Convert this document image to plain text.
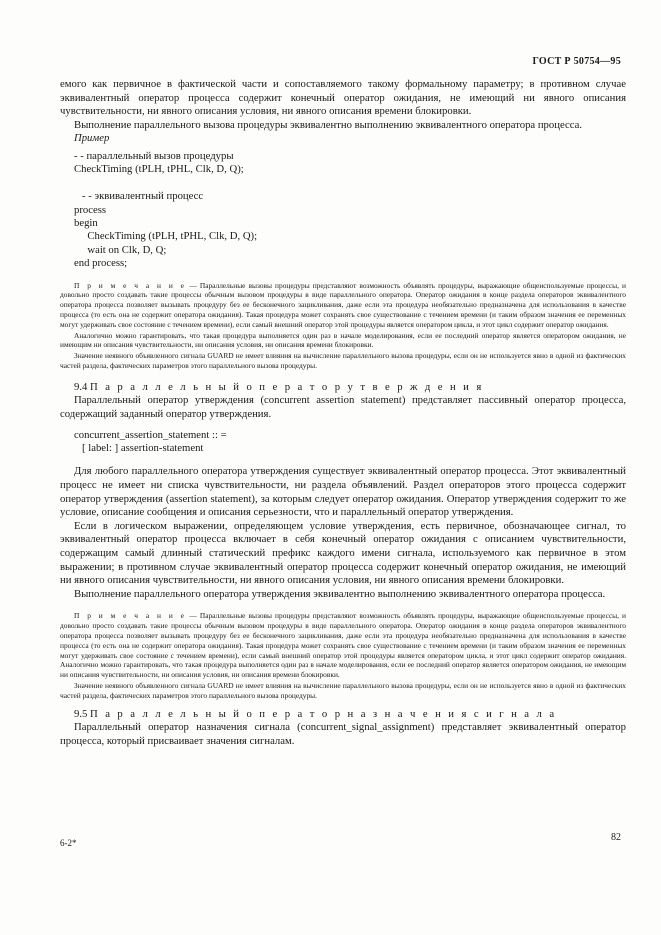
ГОСТ Р 50754—95

емого как первичное в фактической части и сопоставляемого такому формальному параметру; в противном случае эквивалентный оператор процесса содержит конечный оператор ожидания, не имеющий ни явного описания чувствительности, ни явного описания условия, ни явного описания времени блокировки.

Выполнение параллельного вызова процедуры эквивалентно выполнению эквивалентного оператора процесса.

Пример

- - параллельный вызов процедуры
CheckTiming (tPLH, tPHL, Clk, D, Q);

- - эквивалентный процесс
process
begin
CheckTiming (tPLH, tPHL, Clk, D, Q);
wait on Clk, D, Q;
end process;

П р и м е ч а н и е — Параллельные вызовы процедуры представляют возможность объявлять процедуры, выражающие общеиспользуемые процессы, и довольно просто создавать такие процессы обычным вызовом процедуры в виде параллельного оператора. Оператор ожидания в конце раздела операторов эквивалентного оператора процесса позволяет вызывать процедуру без ее бесконечного зацикливания, даже если эта процедура необязательно предназначена для использования в качестве процесса (то есть она не содержит оператора ожидания). Такая процедура может сохранять свое существование с течением времени (и таким образом значения ее переменных могут удерживать свое состояние с течением времени), если самый внешний оператор этой процедуры является оператором цикла, и этот цикл содержит оператор ожидания.

Аналогично можно гарантировать, что такая процедура выполняется один раз в начале моделирования, если ее последний оператор является оператором ожидания, не имеющим ни описания чувствительности, ни описания условия, ни описания времени блокировки.

Значение неявного объявленного сигнала GUARD не имеет влияния на вычисление параллельного вызова процедуры, если он не используется явно в одной из фактических частей раздела, фактических параметров этого параллельного вызова процедуры.

9.4 П а р а л л е л ь н ы й о п е р а т о р у т в е р ж д е н и я

Параллельный оператор утверждения (concurrent assertion statement) представляет пассивный оператор процесса, содержащий заданный оператор утверждения.

concurrent_assertion_statement :: =
[ label: ] assertion-statement

Для любого параллельного оператора утверждения существует эквивалентный оператор процесса. Этот эквивалентный процесс не имеет ни списка чувствительности, ни раздела объявлений. Раздел операторов этого процесса содержит оператор утверждения (assertion statement), за которым следует оператор ожидания. Оператор утверждения содержит то же условие, описание сообщения и описания серьезности, что и параллельный оператор утверждения.

Если в логическом выражении, определяющем условие утверждения, есть первичное, обозначающее сигнал, то эквивалентный оператор процесса включает в себя конечный оператор ожидания с описанием чувствительности, содержащим самый длинный статический префикс каждого имени сигнала, используемого как первичное в этом выражении; в противном случае эквивалентный оператор процесса содержит конечный оператор ожидания, не имеющий ни явного описания чувствительности, ни явного описания условия, ни явного описания времени блокировки.

Выполнение параллельного оператора утверждения эквивалентно выполнению эквивалентного оператора процесса.

П р и м е ч а н и е — Параллельные вызовы процедуры представляют возможность объявлять процедуры, выражающие общеиспользуемые процессы, и довольно просто создавать такие процессы обычным вызовом процедуры в виде параллельного оператора. Оператор ожидания в конце раздела операторов эквивалентного оператора процесса позволяет вызывать процедуру без ее бесконечного зацикливания, даже если эта процедура необязательно предназначена для использования в качестве процесса (то есть она не содержит оператора ожидания). Такая процедура может сохранять свое существование с течением времени (и таким образом значения ее переменных могут удерживать свое состояние с течением времени), если самый внешний оператор этой процедуры является оператором цикла, и этот цикл содержит оператор ожидания. Аналогично можно гарантировать, что такая процедура выполняется один раз в начале моделирования, если ее последний оператор является оператором ожидания, не имеющим ни описания чувствительности, ни описания условия, ни описания времени блокировки.

Значение неявного объявленного сигнала GUARD не имеет влияния на вычисление параллельного вызова процедуры, если он не используется явно в одной из фактических частей раздела, фактических параметров этого параллельного вызова процедуры.

9.5 П а р а л л е л ь н ы й о п е р а т о р н а з н а ч е н и я с и г н а л а

Параллельный оператор назначения сигнала (concurrent_signal_assignment) представляет эквивалентный оператор процесса, который присваивает значения сигналам.

6-2*	82
